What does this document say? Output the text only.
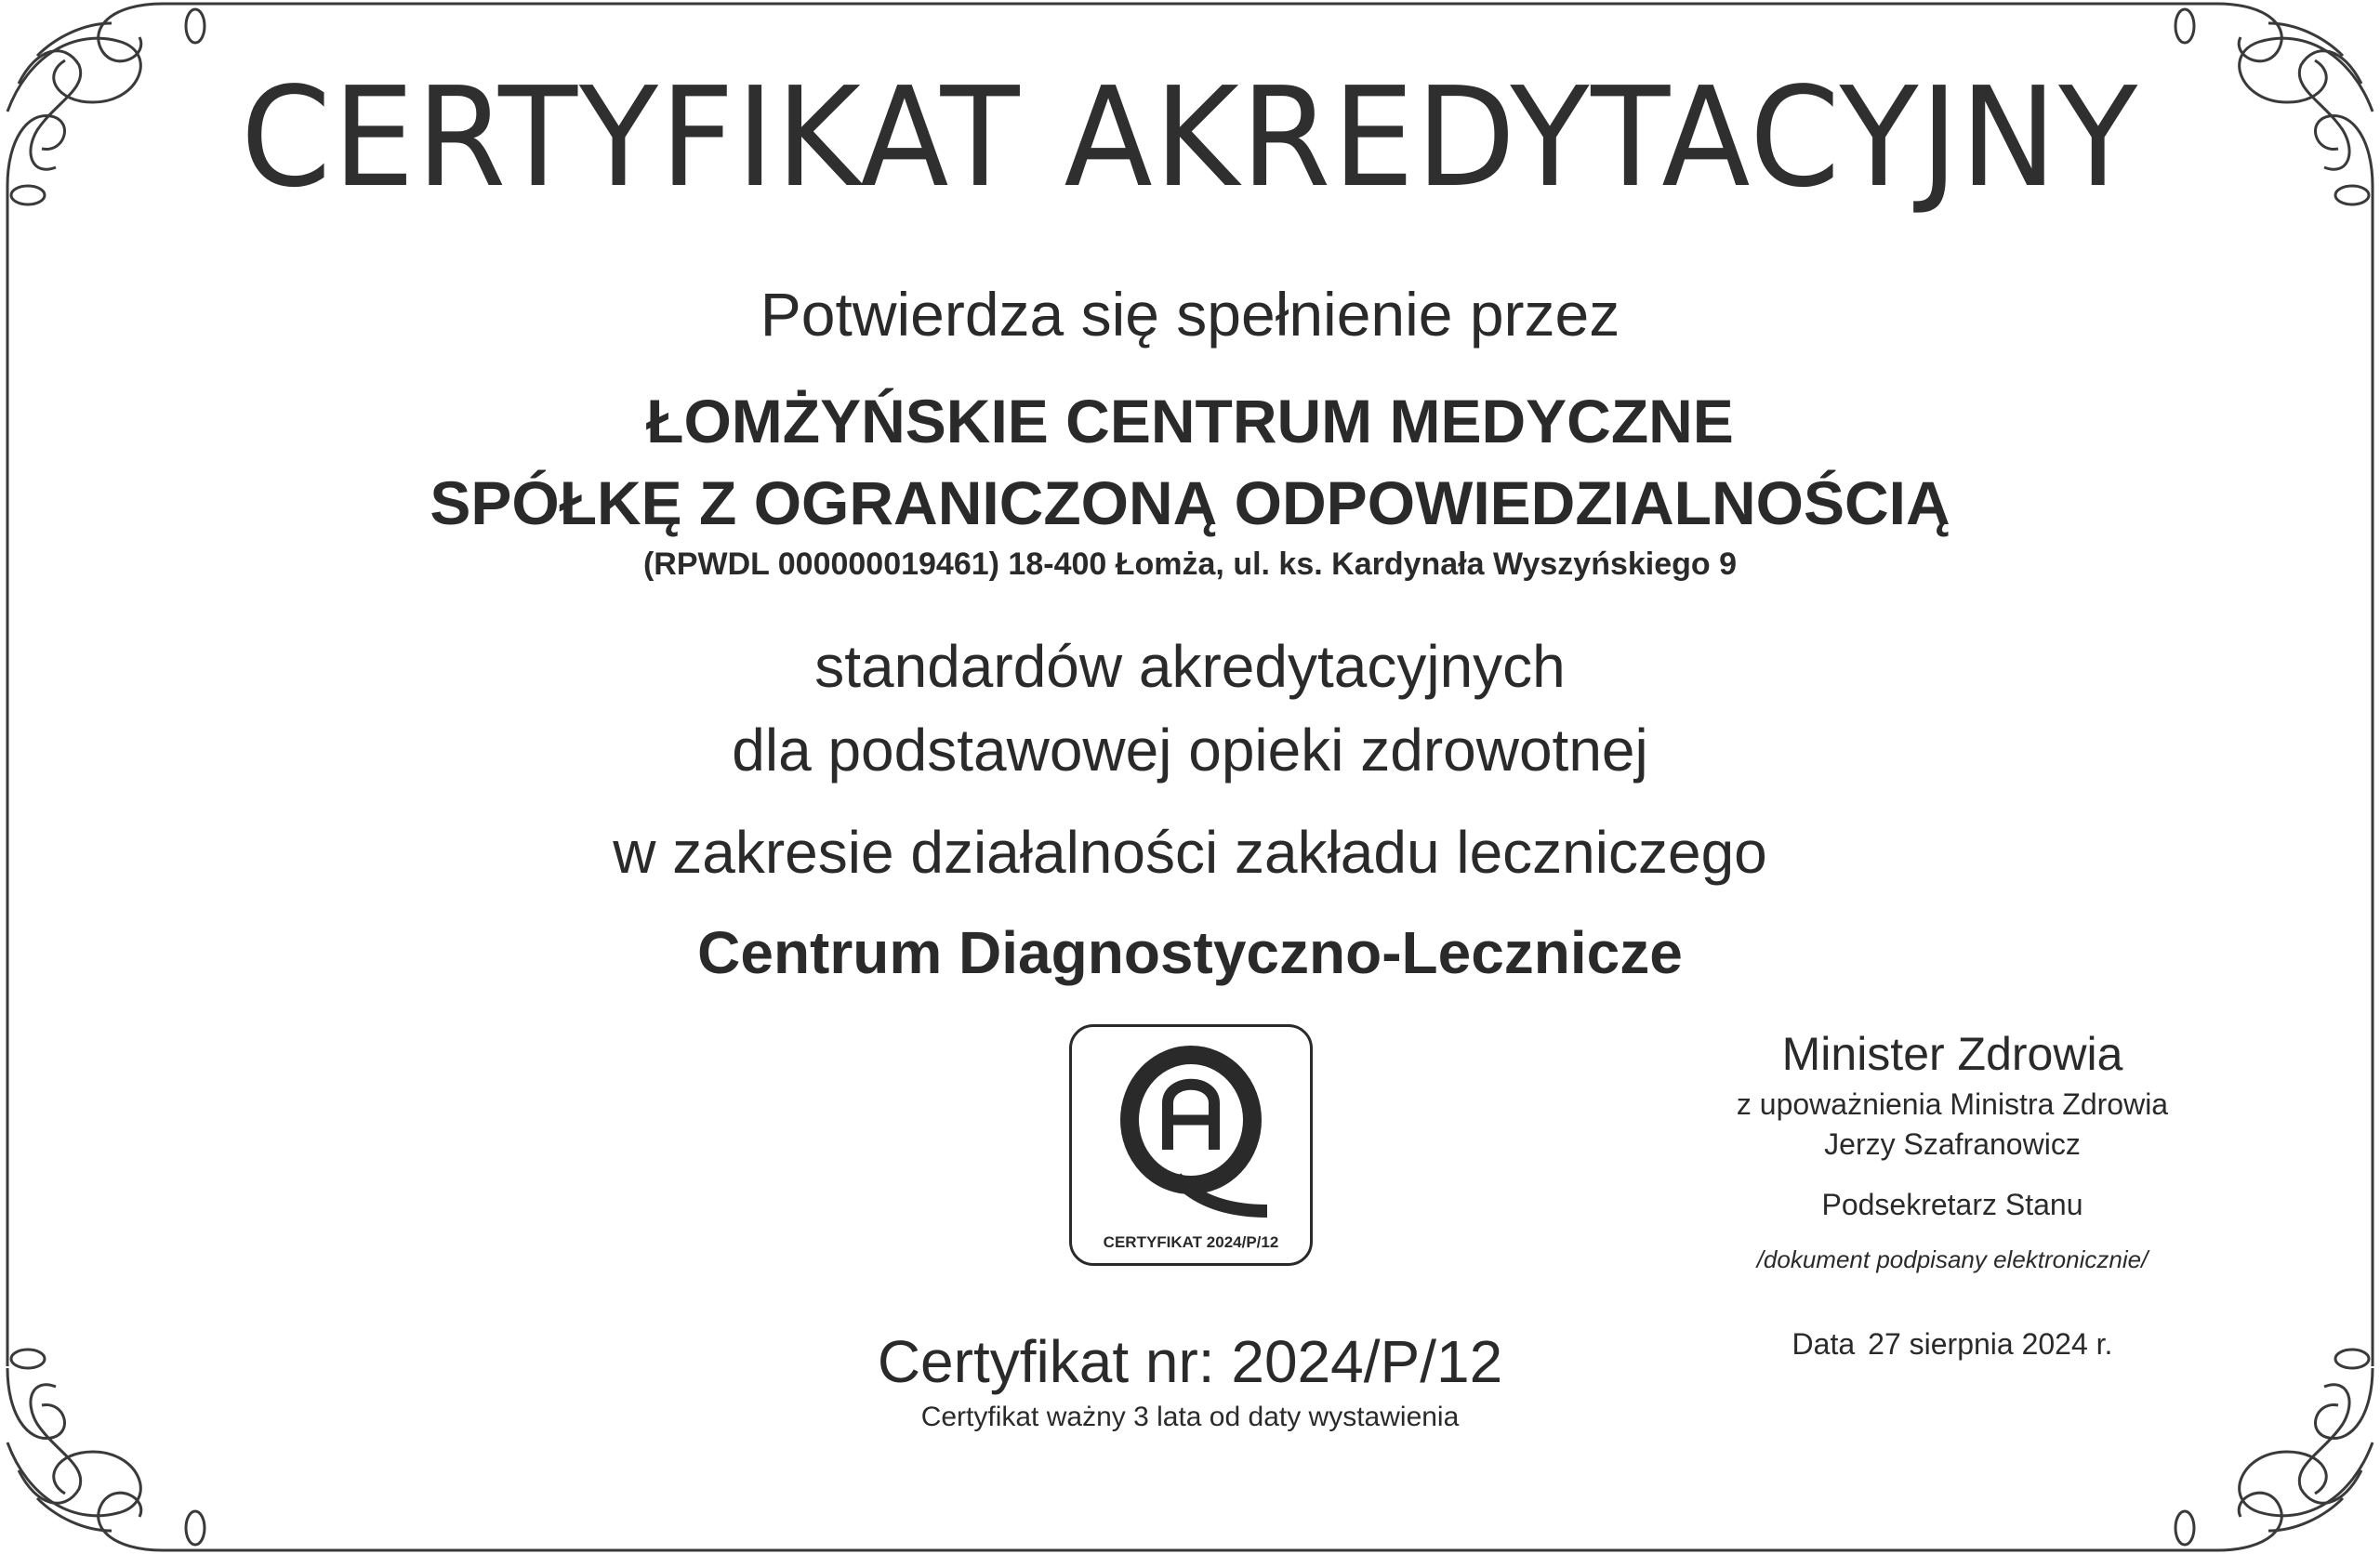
CERTYFIKAT AKREDYTACYJNY
Potwierdza się spełnienie przez
ŁOMŻYŃSKIE CENTRUM MEDYCZNE
SPÓŁKĘ Z OGRANICZONĄ ODPOWIEDZIALNOŚCIĄ
(RPWDL 000000019461) 18-400 Łomża, ul. ks. Kardynała Wyszyńskiego 9
standardów akredytacyjnych
dla podstawowej opieki zdrowotnej
w zakresie działalności zakładu leczniczego
Centrum Diagnostyczno-Lecznicze
CERTYFIKAT 2024/P/12
Certyfikat nr: 2024/P/12
Certyfikat ważny 3 lata od daty wystawienia
Minister Zdrowia
z upoważnienia Ministra Zdrowia
Jerzy Szafranowicz
Podsekretarz Stanu
/dokument podpisany elektronicznie/
Data 27 sierpnia 2024 r.
